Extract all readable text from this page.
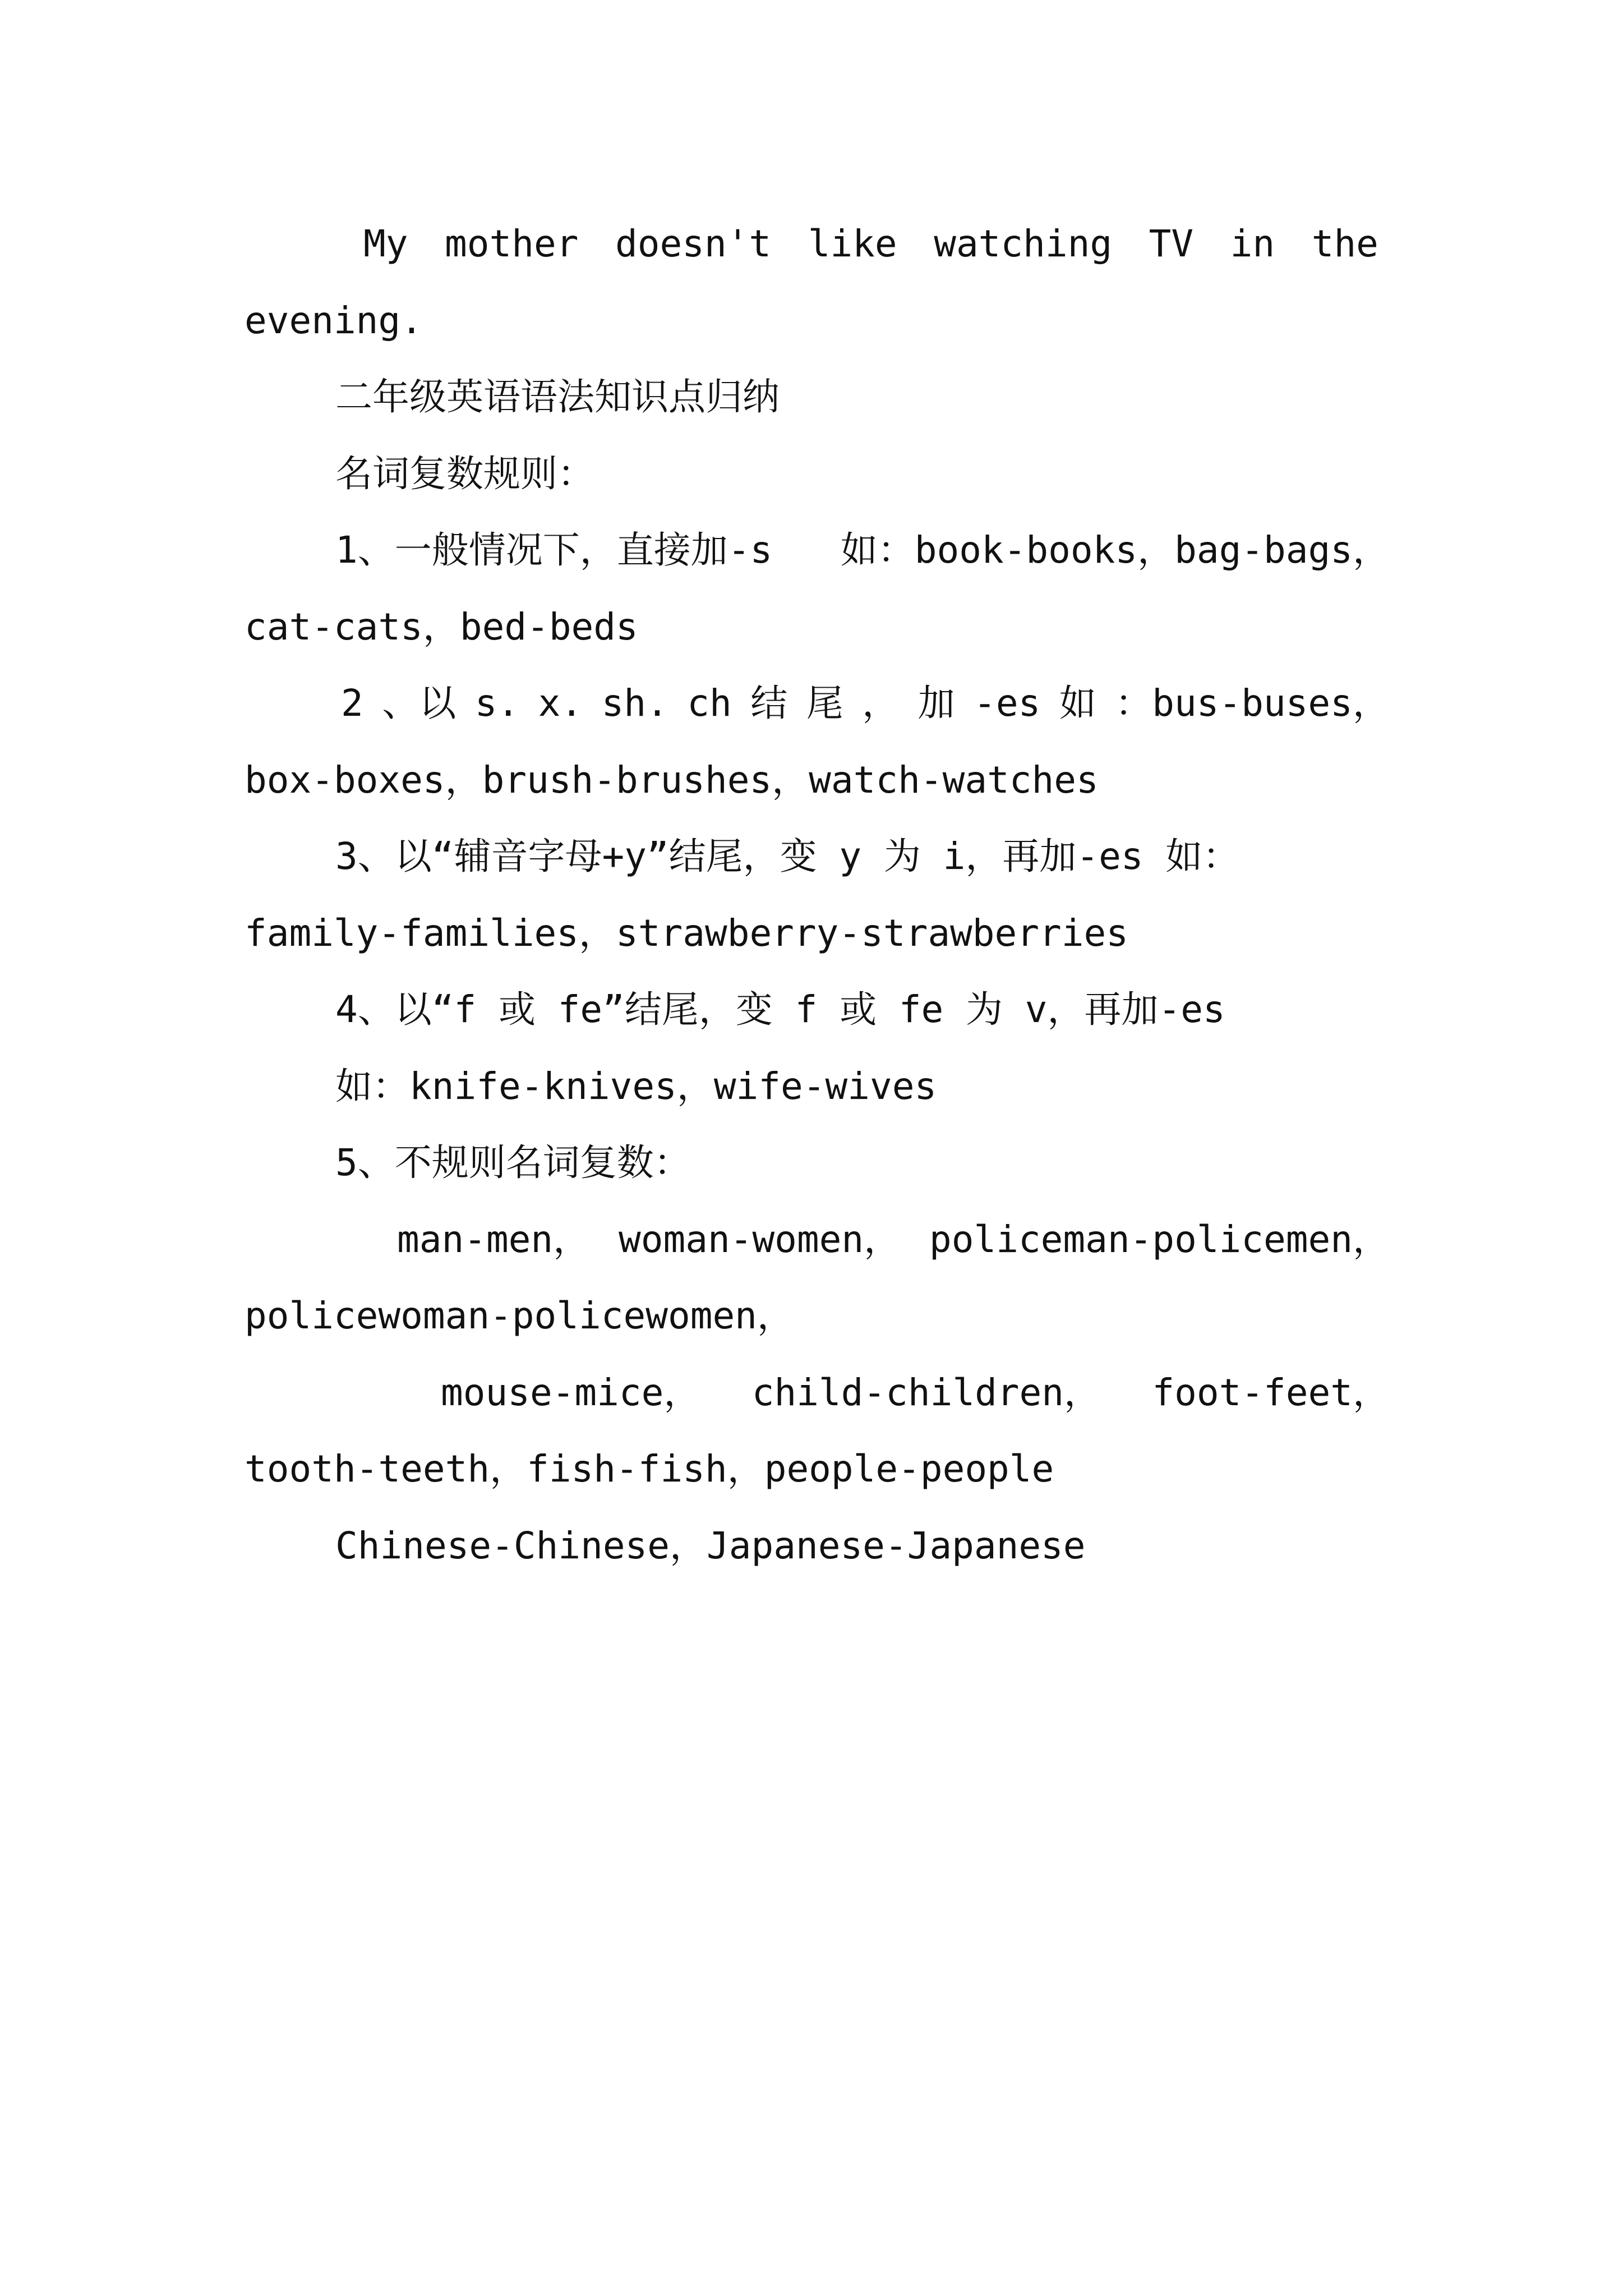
My mother doesn't like watching TV in the
evening.
二年级英语语法知识点归纳
名词复数规则：
1、一般情况下，直接加-s 如：book-books，bag-bags，
cat-cats，bed-beds
2 、以 s. x. sh. ch 结 尾 ， 加 -es 如 ：bus-buses，
box-boxes，brush-brushes，watch-watches
3、以“辅音字母+y”结尾，变 y 为 i，再加-es 如：
family-families，strawberry-strawberries
4、以“f 或 fe”结尾，变 f 或 fe 为 v，再加-es
如：knife-knives，wife-wives
5、不规则名词复数：
man-men， woman-women， policeman-policemen，
policewoman-policewomen，
mouse-mice， child-children， foot-feet，
tooth-teeth，fish-fish，people-people
Chinese-Chinese，Japanese-Japanese
